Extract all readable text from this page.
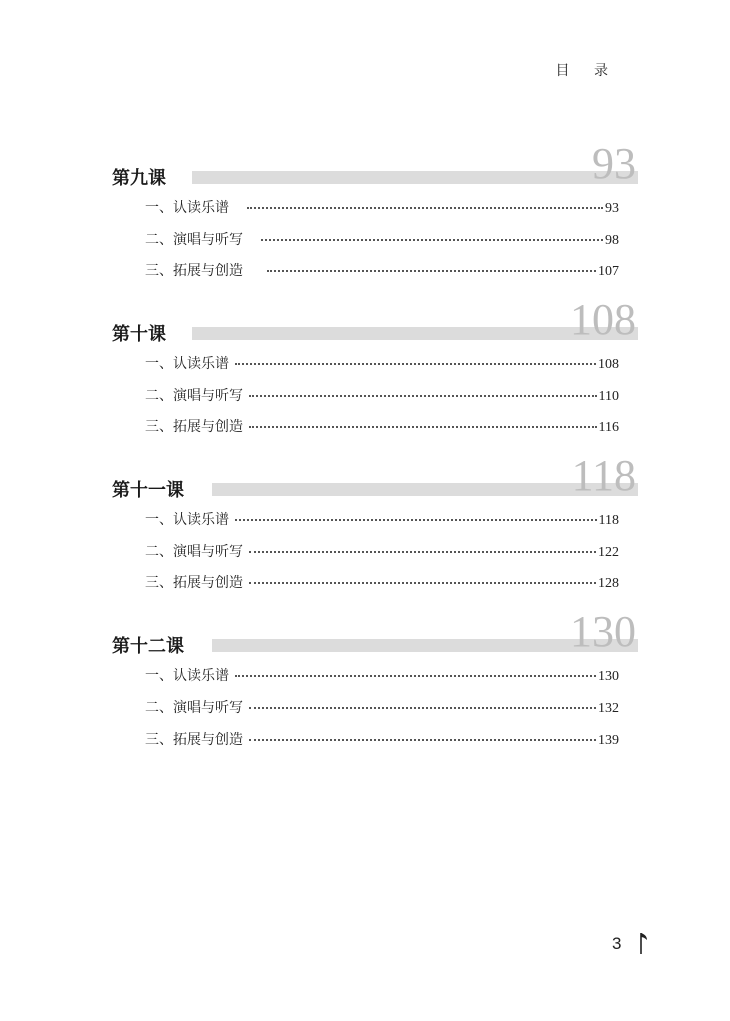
目 录
93
第九课
一、认读乐谱	93
二、演唱与听写	98
三、拓展与创造	107
108
第十课
一、认读乐谱	108
二、演唱与听写	110
三、拓展与创造	116
118
第十一课
一、认读乐谱	118
二、演唱与听写	122
三、拓展与创造	128
130
第十二课
一、认读乐谱	130
二、演唱与听写	132
三、拓展与创造	139
3
